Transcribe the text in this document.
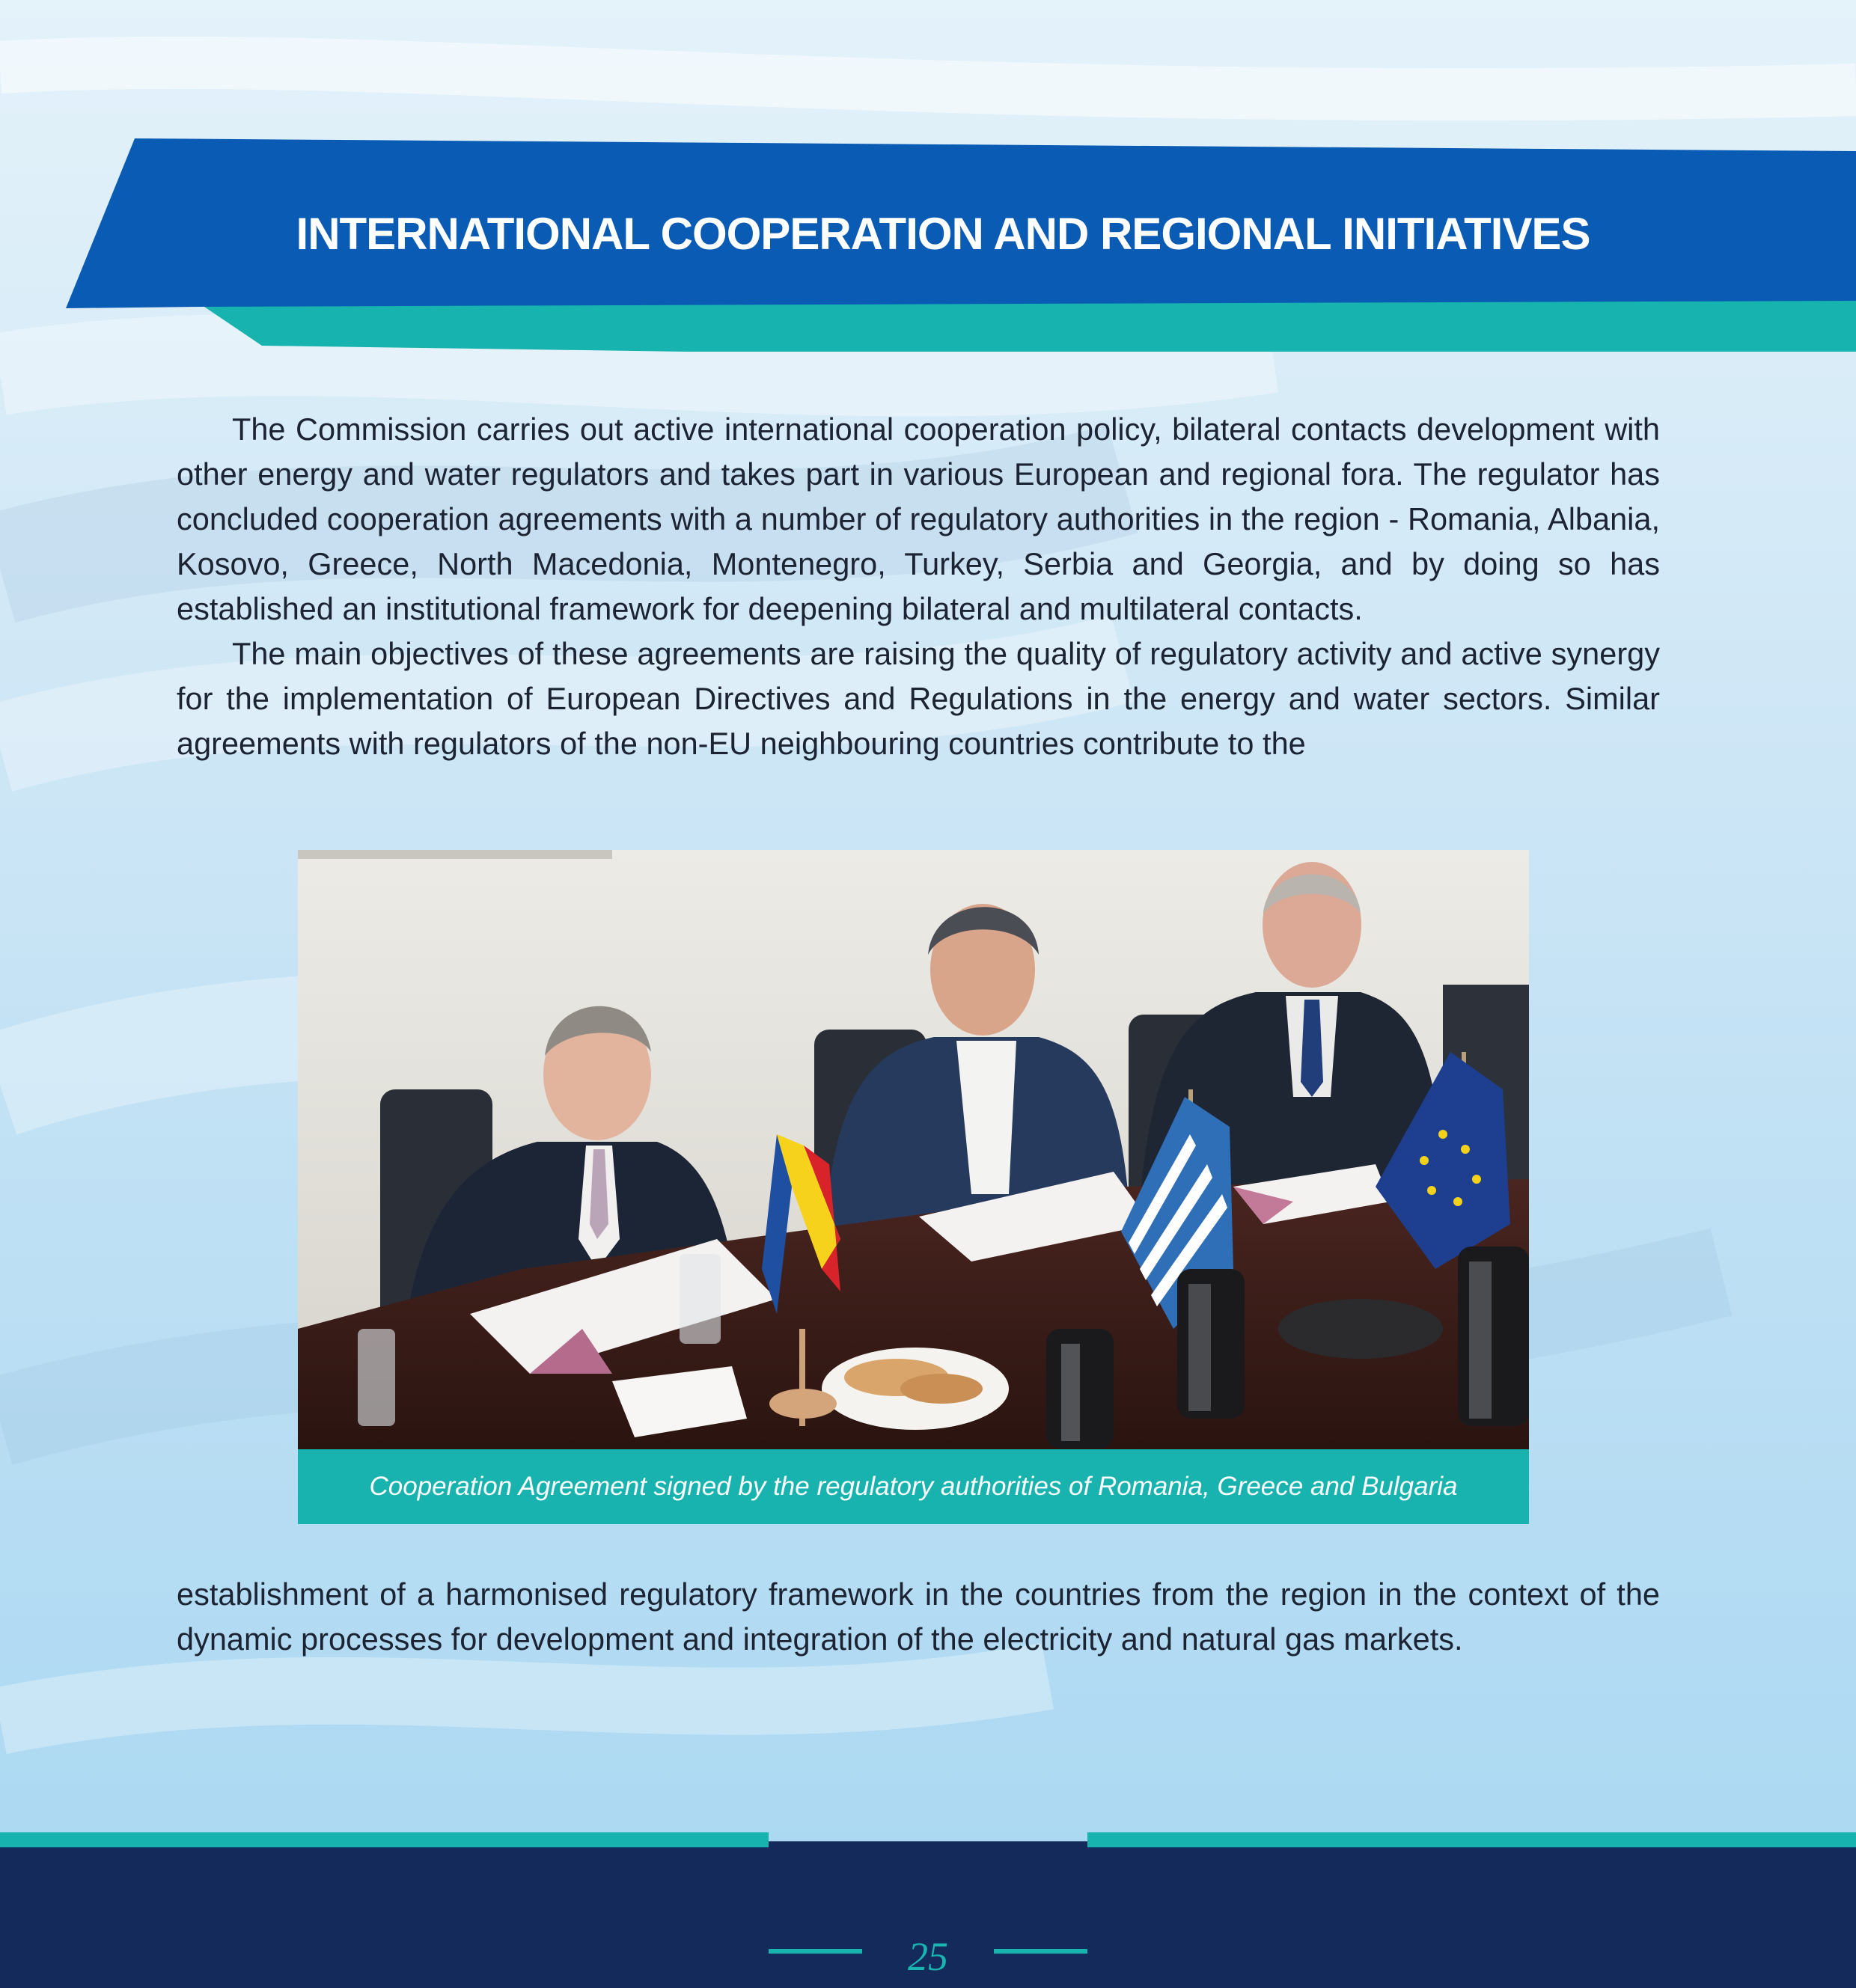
INTERNATIONAL COOPERATION AND REGIONAL INITIATIVES

The Commission carries out active international cooperation policy, bilateral contacts development with other energy and water regulators and takes part in various European and regional fora. The regulator has concluded cooperation agreements with a number of regulatory authorities in the region - Romania, Albania, Kosovo, Greece, North Macedonia, Montenegro, Turkey, Serbia and Georgia, and by doing so has established an institutional framework for deepening bilateral and multilateral contacts.

The main objectives of these agreements are raising the quality of regulatory activity and active synergy for the implementation of European Directives and Regulations in the energy and water sectors. Similar agreements with regulators of the non-EU neighbouring countries contribute to the

Cooperation Agreement signed by the regulatory authorities of Romania, Greece and Bulgaria

establishment of a harmonised regulatory framework in the countries from the region in the context of the dynamic processes for development and integration of the electricity and natural gas markets.

25
